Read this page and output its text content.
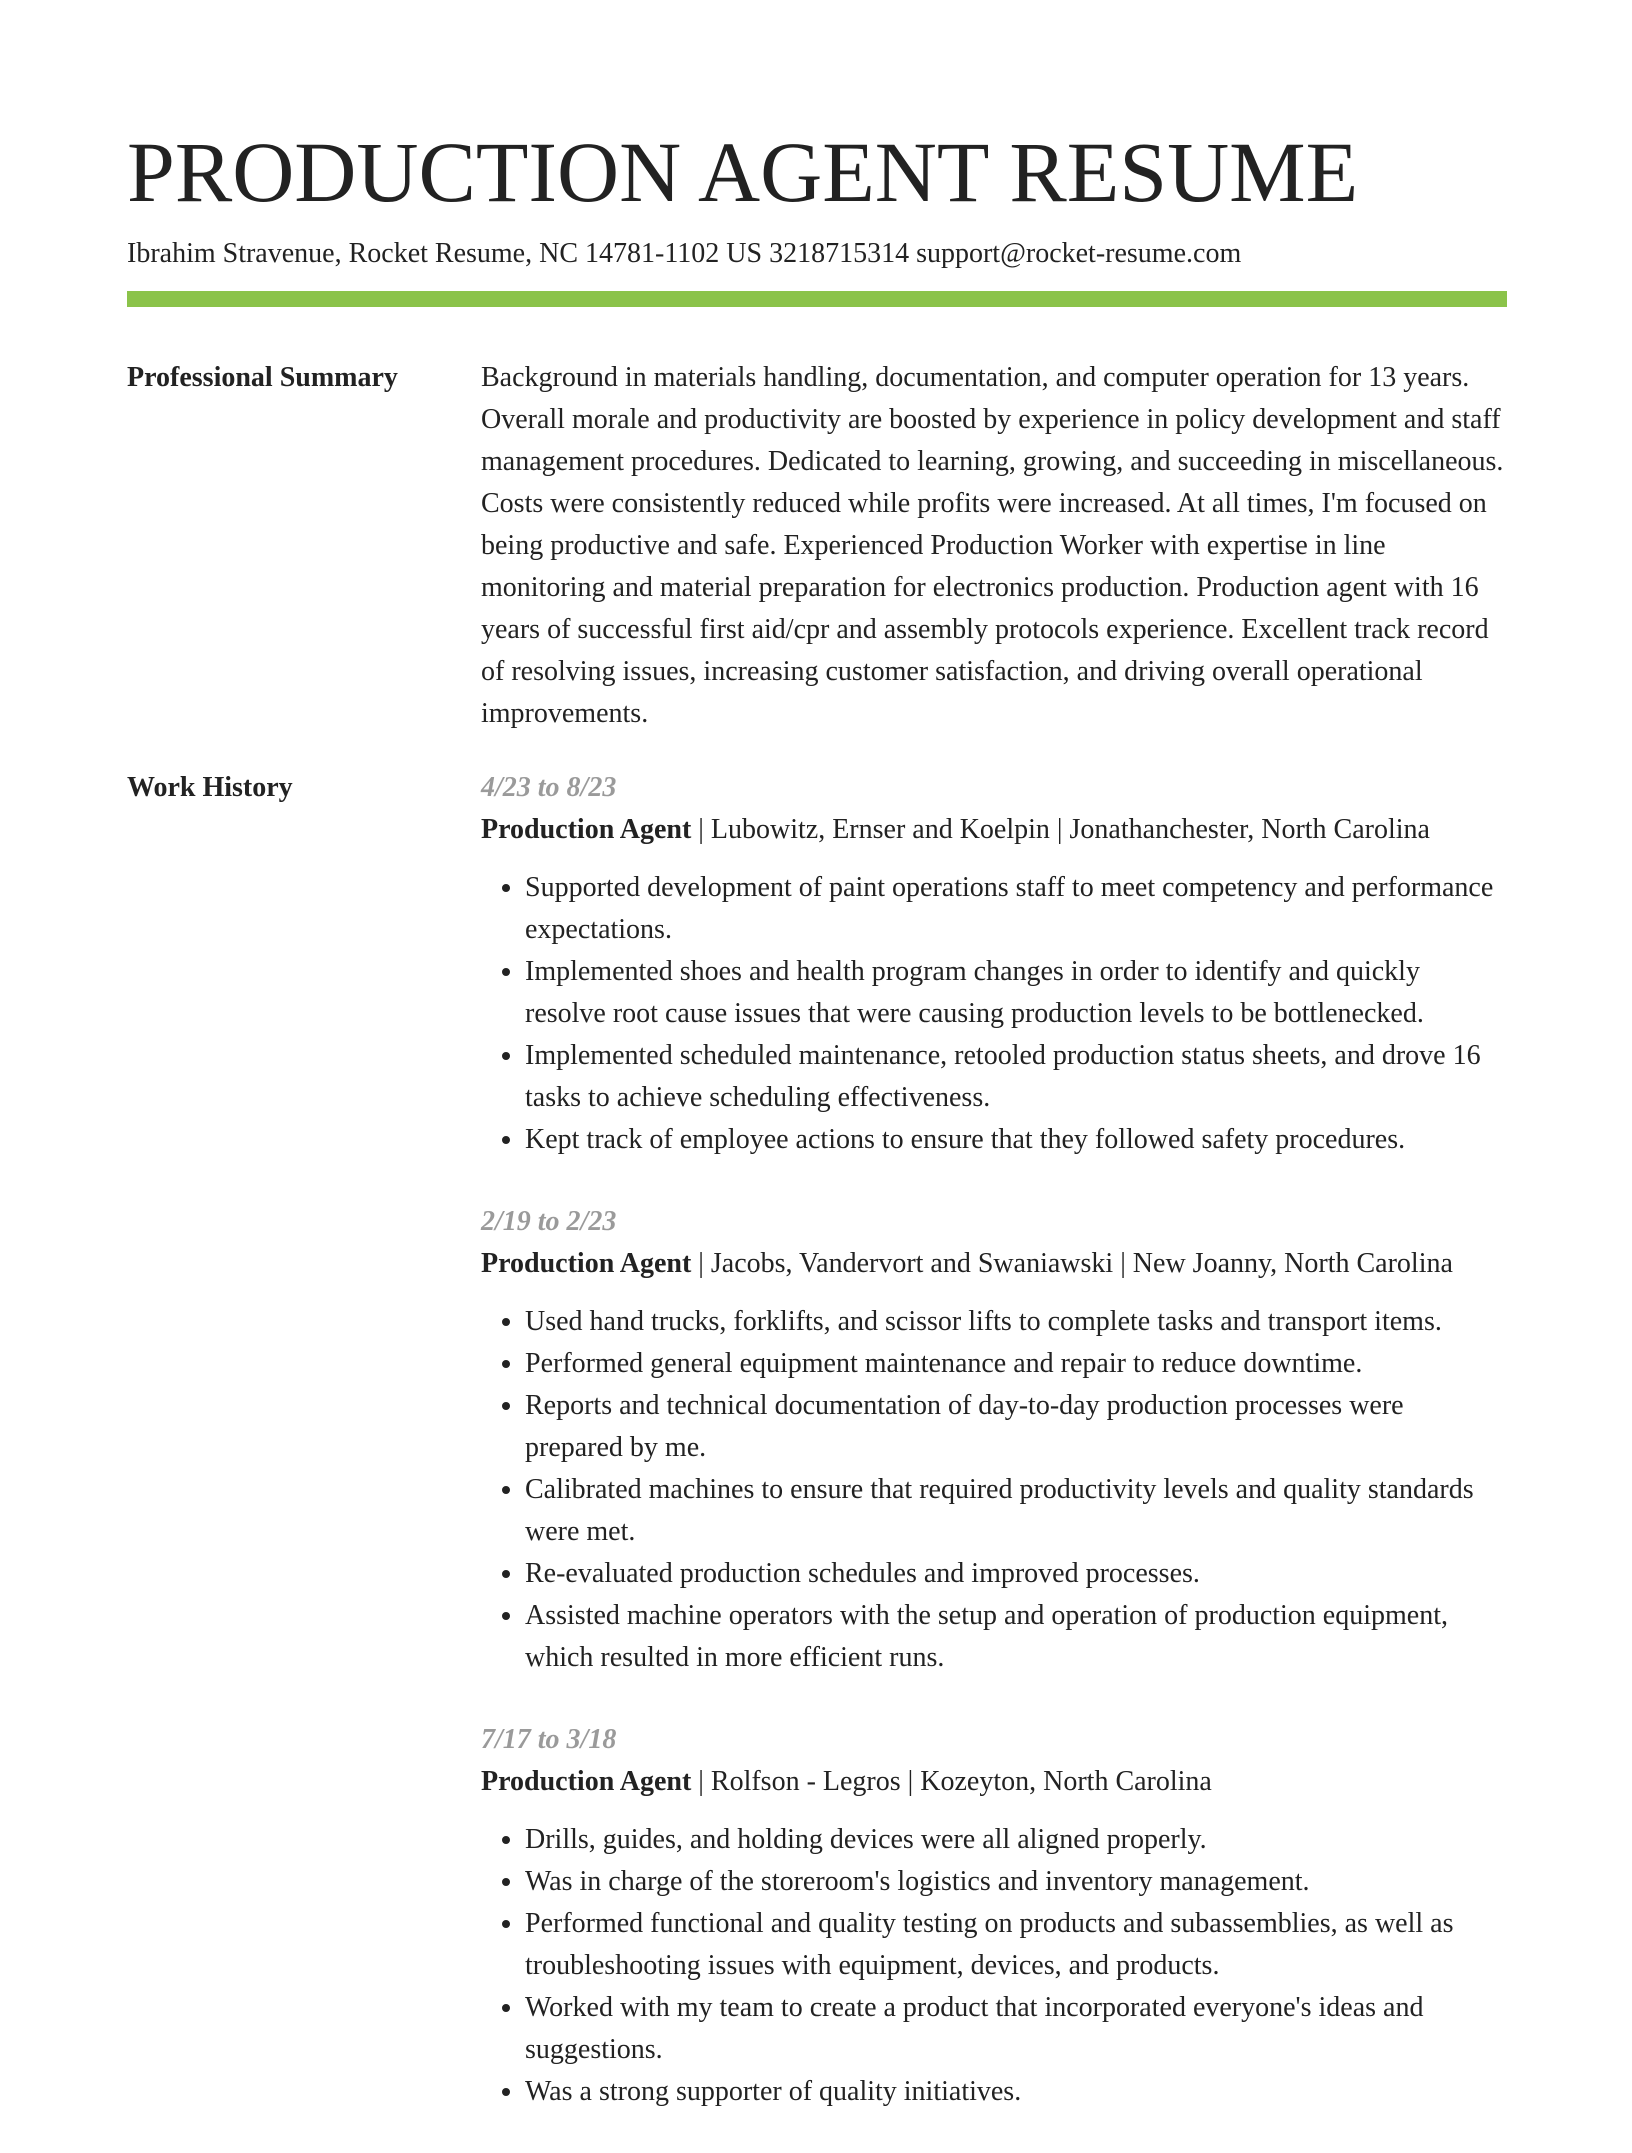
PRODUCTION AGENT RESUME
Ibrahim Stravenue, Rocket Resume, NC 14781-1102 US 3218715314 support@rocket-resume.com
Professional Summary	Background in materials handling, documentation, and computer operation for 13 years. Overall morale and productivity are boosted by experience in policy development and staff management procedures. Dedicated to learning, growing, and succeeding in miscellaneous. Costs were consistently reduced while profits were increased. At all times, I'm focused on being productive and safe. Experienced Production Worker with expertise in line monitoring and material preparation for electronics production. Production agent with 16 years of successful first aid/cpr and assembly protocols experience. Excellent track record of resolving issues, increasing customer satisfaction, and driving overall operational improvements.

Work History	4/23 to 8/23
Production Agent | Lubowitz, Ernser and Koelpin | Jonathanchester, North Carolina
• Supported development of paint operations staff to meet competency and performance expectations.
• Implemented shoes and health program changes in order to identify and quickly resolve root cause issues that were causing production levels to be bottlenecked.
• Implemented scheduled maintenance, retooled production status sheets, and drove 16 tasks to achieve scheduling effectiveness.
• Kept track of employee actions to ensure that they followed safety procedures.
2/19 to 2/23
Production Agent | Jacobs, Vandervort and Swaniawski | New Joanny, North Carolina
• Used hand trucks, forklifts, and scissor lifts to complete tasks and transport items.
• Performed general equipment maintenance and repair to reduce downtime.
• Reports and technical documentation of day-to-day production processes were prepared by me.
• Calibrated machines to ensure that required productivity levels and quality standards were met.
• Re-evaluated production schedules and improved processes.
• Assisted machine operators with the setup and operation of production equipment, which resulted in more efficient runs.
7/17 to 3/18
Production Agent | Rolfson - Legros | Kozeyton, North Carolina
• Drills, guides, and holding devices were all aligned properly.
• Was in charge of the storeroom's logistics and inventory management.
• Performed functional and quality testing on products and subassemblies, as well as troubleshooting issues with equipment, devices, and products.
• Worked with my team to create a product that incorporated everyone's ideas and suggestions.
• Was a strong supporter of quality initiatives.
